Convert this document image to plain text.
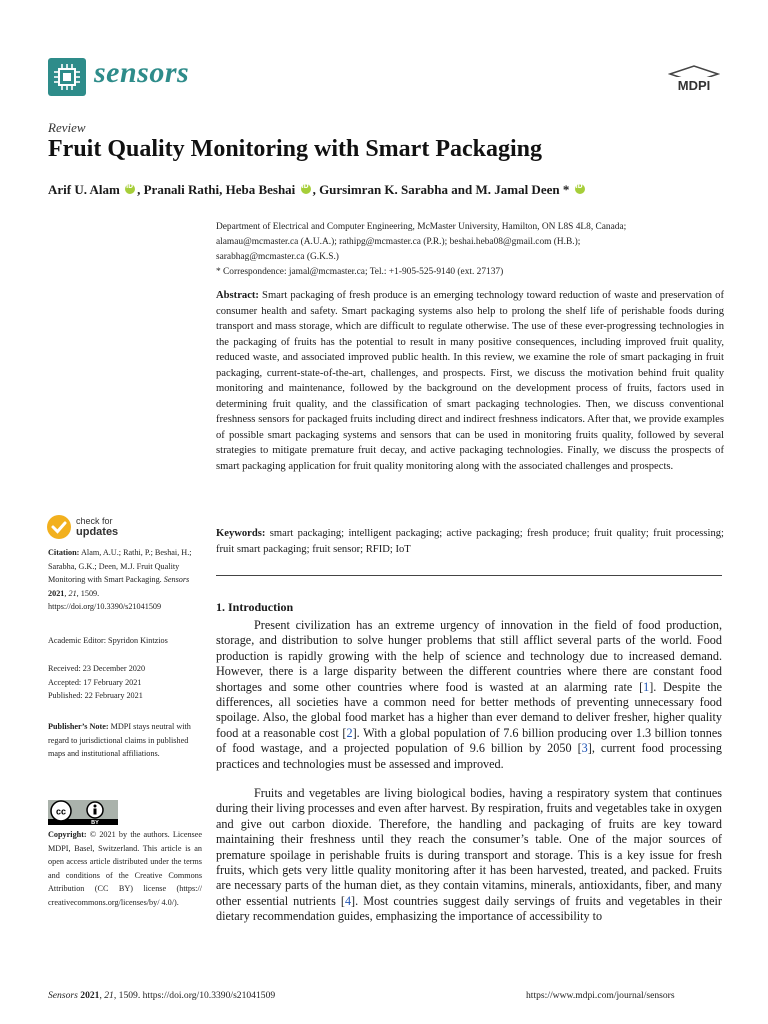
sensors	MDPI
Review
Fruit Quality Monitoring with Smart Packaging
Arif U. Alam iD , Pranali Rathi, Heba Beshai iD , Gursimran K. Sarabha and M. Jamal Deen * iD
Department of Electrical and Computer Engineering, McMaster University, Hamilton, ON L8S 4L8, Canada;
alamau@mcmaster.ca (A.U.A.); rathipg@mcmaster.ca (P.R.); beshai.heba08@gmail.com (H.B.);
sarabhag@mcmaster.ca (G.K.S.)
* Correspondence: jamal@mcmaster.ca; Tel.: +1-905-525-9140 (ext. 27137)
Abstract: Smart packaging of fresh produce is an emerging technology toward reduction of waste and preservation of consumer health and safety. Smart packaging systems also help to prolong the shelf life of perishable foods during transport and mass storage, which are difficult to regulate otherwise. The use of these ever-progressing technologies in the packaging of fruits has the potential to result in many positive consequences, including improved fruit quality, reduced waste, and associated improved public health. In this review, we examine the role of smart packaging in fruit packaging, current-state-of-the-art, challenges, and prospects. First, we discuss the motivation behind fruit quality monitoring and maintenance, followed by the background on the development process of fruits, factors used in determining fruit quality, and the classification of smart packaging technologies. Then, we discuss conventional freshness sensors for packaged fruits including direct and indirect freshness indicators. After that, we provide examples of possible smart packaging systems and sensors that can be used in monitoring fruits quality, followed by several strategies to mitigate premature fruit decay, and active packaging technologies. Finally, we discuss the prospects of smart packaging application for fruit quality monitoring along with the associated challenges and prospects.
Keywords: smart packaging; intelligent packaging; active packaging; fresh produce; fruit quality; fruit processing; fruit smart packaging; fruit sensor; RFID; IoT
check for
updates
Citation: Alam, A.U.; Rathi, P.; Beshai, H.; Sarabha, G.K.; Deen, M.J. Fruit Quality Monitoring with Smart Packaging. Sensors 2021, 21, 1509. https://doi.org/10.3390/s21041509
Academic Editor: Spyridon Kintzios
Received: 23 December 2020
Accepted: 17 February 2021
Published: 22 February 2021
Publisher’s Note: MDPI stays neutral with regard to jurisdictional claims in published maps and institutional affiliations.
cc
BY
Copyright: © 2021 by the authors. Licensee MDPI, Basel, Switzerland. This article is an open access article distributed under the terms and conditions of the Creative Commons Attribution (CC BY) license (https:// creativecommons.org/licenses/by/ 4.0/).
1. Introduction
Present civilization has an extreme urgency of innovation in the field of food production, storage, and distribution to solve hunger problems that still afflict several parts of the world. Food production is rapidly growing with the help of science and technology due to increased demand. However, there is a large disparity between the different countries where there are constant food shortages and some other countries where food is wasted at an alarming rate [1]. Despite the differences, all societies have a common need for better methods of preventing unnecessary food spoilage. Also, the global food market has a higher than ever demand to deliver fresher, higher quality food at a reasonable cost [2]. With a global population of 7.6 billion producing over 1.3 billion tonnes of food wastage, and a projected population of 9.6 billion by 2050 [3], current food processing practices and technologies must be assessed and improved.
Fruits and vegetables are living biological bodies, having a respiratory system that continues during their living processes and even after harvest. By respiration, fruits and vegetables take in oxygen and give out carbon dioxide. Therefore, the handling and packaging of fruits are key toward maintaining their freshness until they reach the consumer’s table. One of the major sources of premature spoilage in perishable fruits is during transport and storage. This is a key issue for fresh fruits, which gets very little quality monitoring after it has been harvested, treated, and packed. Fruits are necessary parts of the human diet, as they contain vitamins, minerals, antioxidants, fiber, and many other essential nutrients [4]. Most countries suggest daily servings of fruits and vegetables in their dietary recommendation guides, emphasizing the importance of accessibility to
Sensors 2021, 21, 1509. https://doi.org/10.3390/s21041509	https://www.mdpi.com/journal/sensors
